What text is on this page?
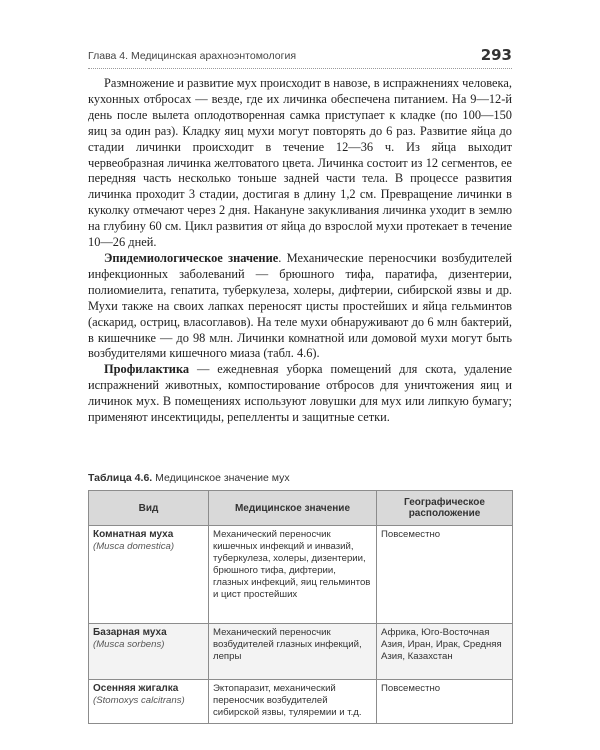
Глава 4. Медицинская арахноэнтомология	293

Размножение и развитие мух происходит в навозе, в испражнениях человека, кухонных отбросах — везде, где их личинка обеспечена питанием. На 9—12-й день после вылета оплодотворенная самка приступает к кладке (по 100—150 яиц за один раз). Кладку яиц мухи могут повторять до 6 раз. Развитие яйца до стадии личинки происходит в течение 12—36 ч. Из яйца выходит червеобразная личинка желтоватого цвета. Личинка состоит из 12 сегментов, ее передняя часть несколько тоньше задней части тела. В процессе развития личинка проходит 3 стадии, достигая в длину 1,2 см. Превращение личинки в куколку отмечают через 2 дня. Накануне закукливания личинка уходит в землю на глубину 60 см. Цикл развития от яйца до взрослой мухи протекает в течение 10—26 дней.

Эпидемиологическое значение. Механические переносчики возбудителей инфекционных заболеваний — брюшного тифа, паратифа, дизентерии, полиомиелита, гепатита, туберкулеза, холеры, дифтерии, сибирской язвы и др. Мухи также на своих лапках переносят цисты простейших и яйца гельминтов (аскарид, остриц, власоглавов). На теле мухи обнаруживают до 6 млн бактерий, в кишечнике — до 98 млн. Личинки комнатной или домовой мухи могут быть возбудителями кишечного миаза (табл. 4.6).

Профилактика — ежедневная уборка помещений для скота, удаление испражнений животных, компостирование отбросов для уничтожения яиц и личинок мух. В помещениях используют ловушки для мух или липкую бумагу; применяют инсектициды, репелленты и защитные сетки.

Таблица 4.6. Медицинское значение мух
Вид	Медицинское значение	Географическое расположение

Комнатная муха
(Musca domestica)	Механический переносчик кишечных инфекций и инвазий, туберкулеза, холеры, дизентерии, брюшного тифа, дифтерии, глазных инфекций, яиц гельминтов и цист простейших	Повсеместно

Базарная муха
(Musca sorbens)	Механический переносчик возбудителей глазных инфекций, лепры	Африка, Юго-Восточная Азия, Иран, Ирак, Средняя Азия, Казахстан

Осенняя жигалка
(Stomoxys calcitrans)	Эктопаразит, механический переносчик возбудителей сибирской язвы, туляремии и т.д.	Повсеместно
